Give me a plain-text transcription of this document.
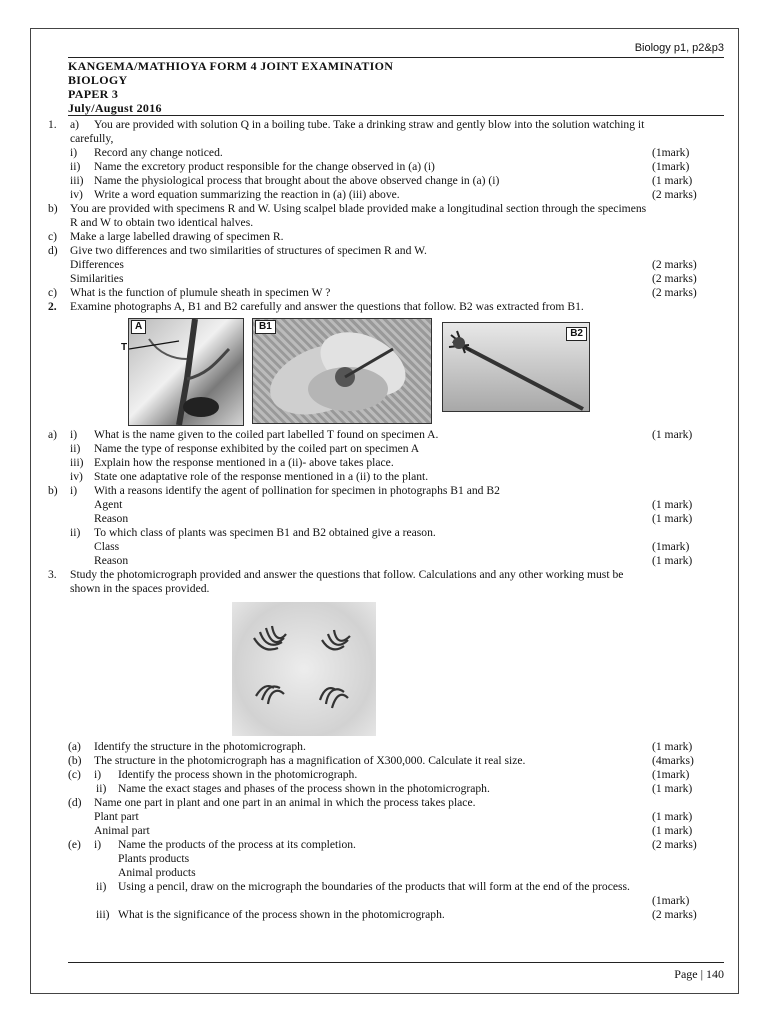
Biology p1, p2&p3
KANGEMA/MATHIOYA FORM 4 JOINT EXAMINATION
BIOLOGY
PAPER 3
July/August 2016
1. a) You are provided with solution Q in a boiling tube. Take a drinking straw and gently blow into the solution watching it
carefully,
i) Record any change noticed.	(1mark)
ii) Name the excretory product responsible for the change observed in (a) (i)	(1mark)
iii) Name the physiological process that brought about the above observed change in (a) (i)	(1 mark)
iv) Write a word equation summarizing the reaction in (a) (iii) above.	(2 marks)
b) You are provided with specimens R and W. Using scalpel blade provided make a longitudinal section through the specimens
R and W to obtain two identical halves.
c) Make a large labelled drawing of specimen R.
d) Give two differences and two similarities of structures of specimen R and W.
Differences	(2 marks)
Similarities	(2 marks)
c) What is the function of plumule sheath in specimen W ?	(2 marks)
2. Examine photographs A, B1 and B2 carefully and answer the questions that follow. B2 was extracted from B1.
A
T
B1
B2
a) i) What is the name given to the coiled part labelled T found on specimen A.	(1 mark)
ii) Name the type of response exhibited by the coiled part on specimen A
iii) Explain how the response mentioned in a (ii)- above takes place.
iv) State one adaptative role of the response mentioned in a (ii) to the plant.
b) i) With a reasons identify the agent of pollination for specimen in photographs B1 and B2
Agent	(1 mark)
Reason	(1 mark)
ii) To which class of plants was specimen B1 and B2 obtained give a reason.
Class	(1mark)
Reason	(1 mark)
3. Study the photomicrograph provided and answer the questions that follow. Calculations and any other working must be
shown in the spaces provided.
(a) Identify the structure in the photomicrograph.	(1 mark)
(b) The structure in the photomicrograph has a magnification of X300,000. Calculate it real size.	(4marks)
(c) i) Identify the process shown in the photomicrograph.	(1mark)
ii) Name the exact stages and phases of the process shown in the photomicrograph.	(1 mark)
(d) Name one part in plant and one part in an animal in which the process takes place.
Plant part	(1 mark)
Animal part	(1 mark)
(e) i) Name the products of the process at its completion.	(2 marks)
Plants products
Animal products
ii) Using a pencil, draw on the micrograph the boundaries of the products that will form at the end of the process.
(1mark)
iii) What is the significance of the process shown in the photomicrograph.	(2 marks)
Page | 140
